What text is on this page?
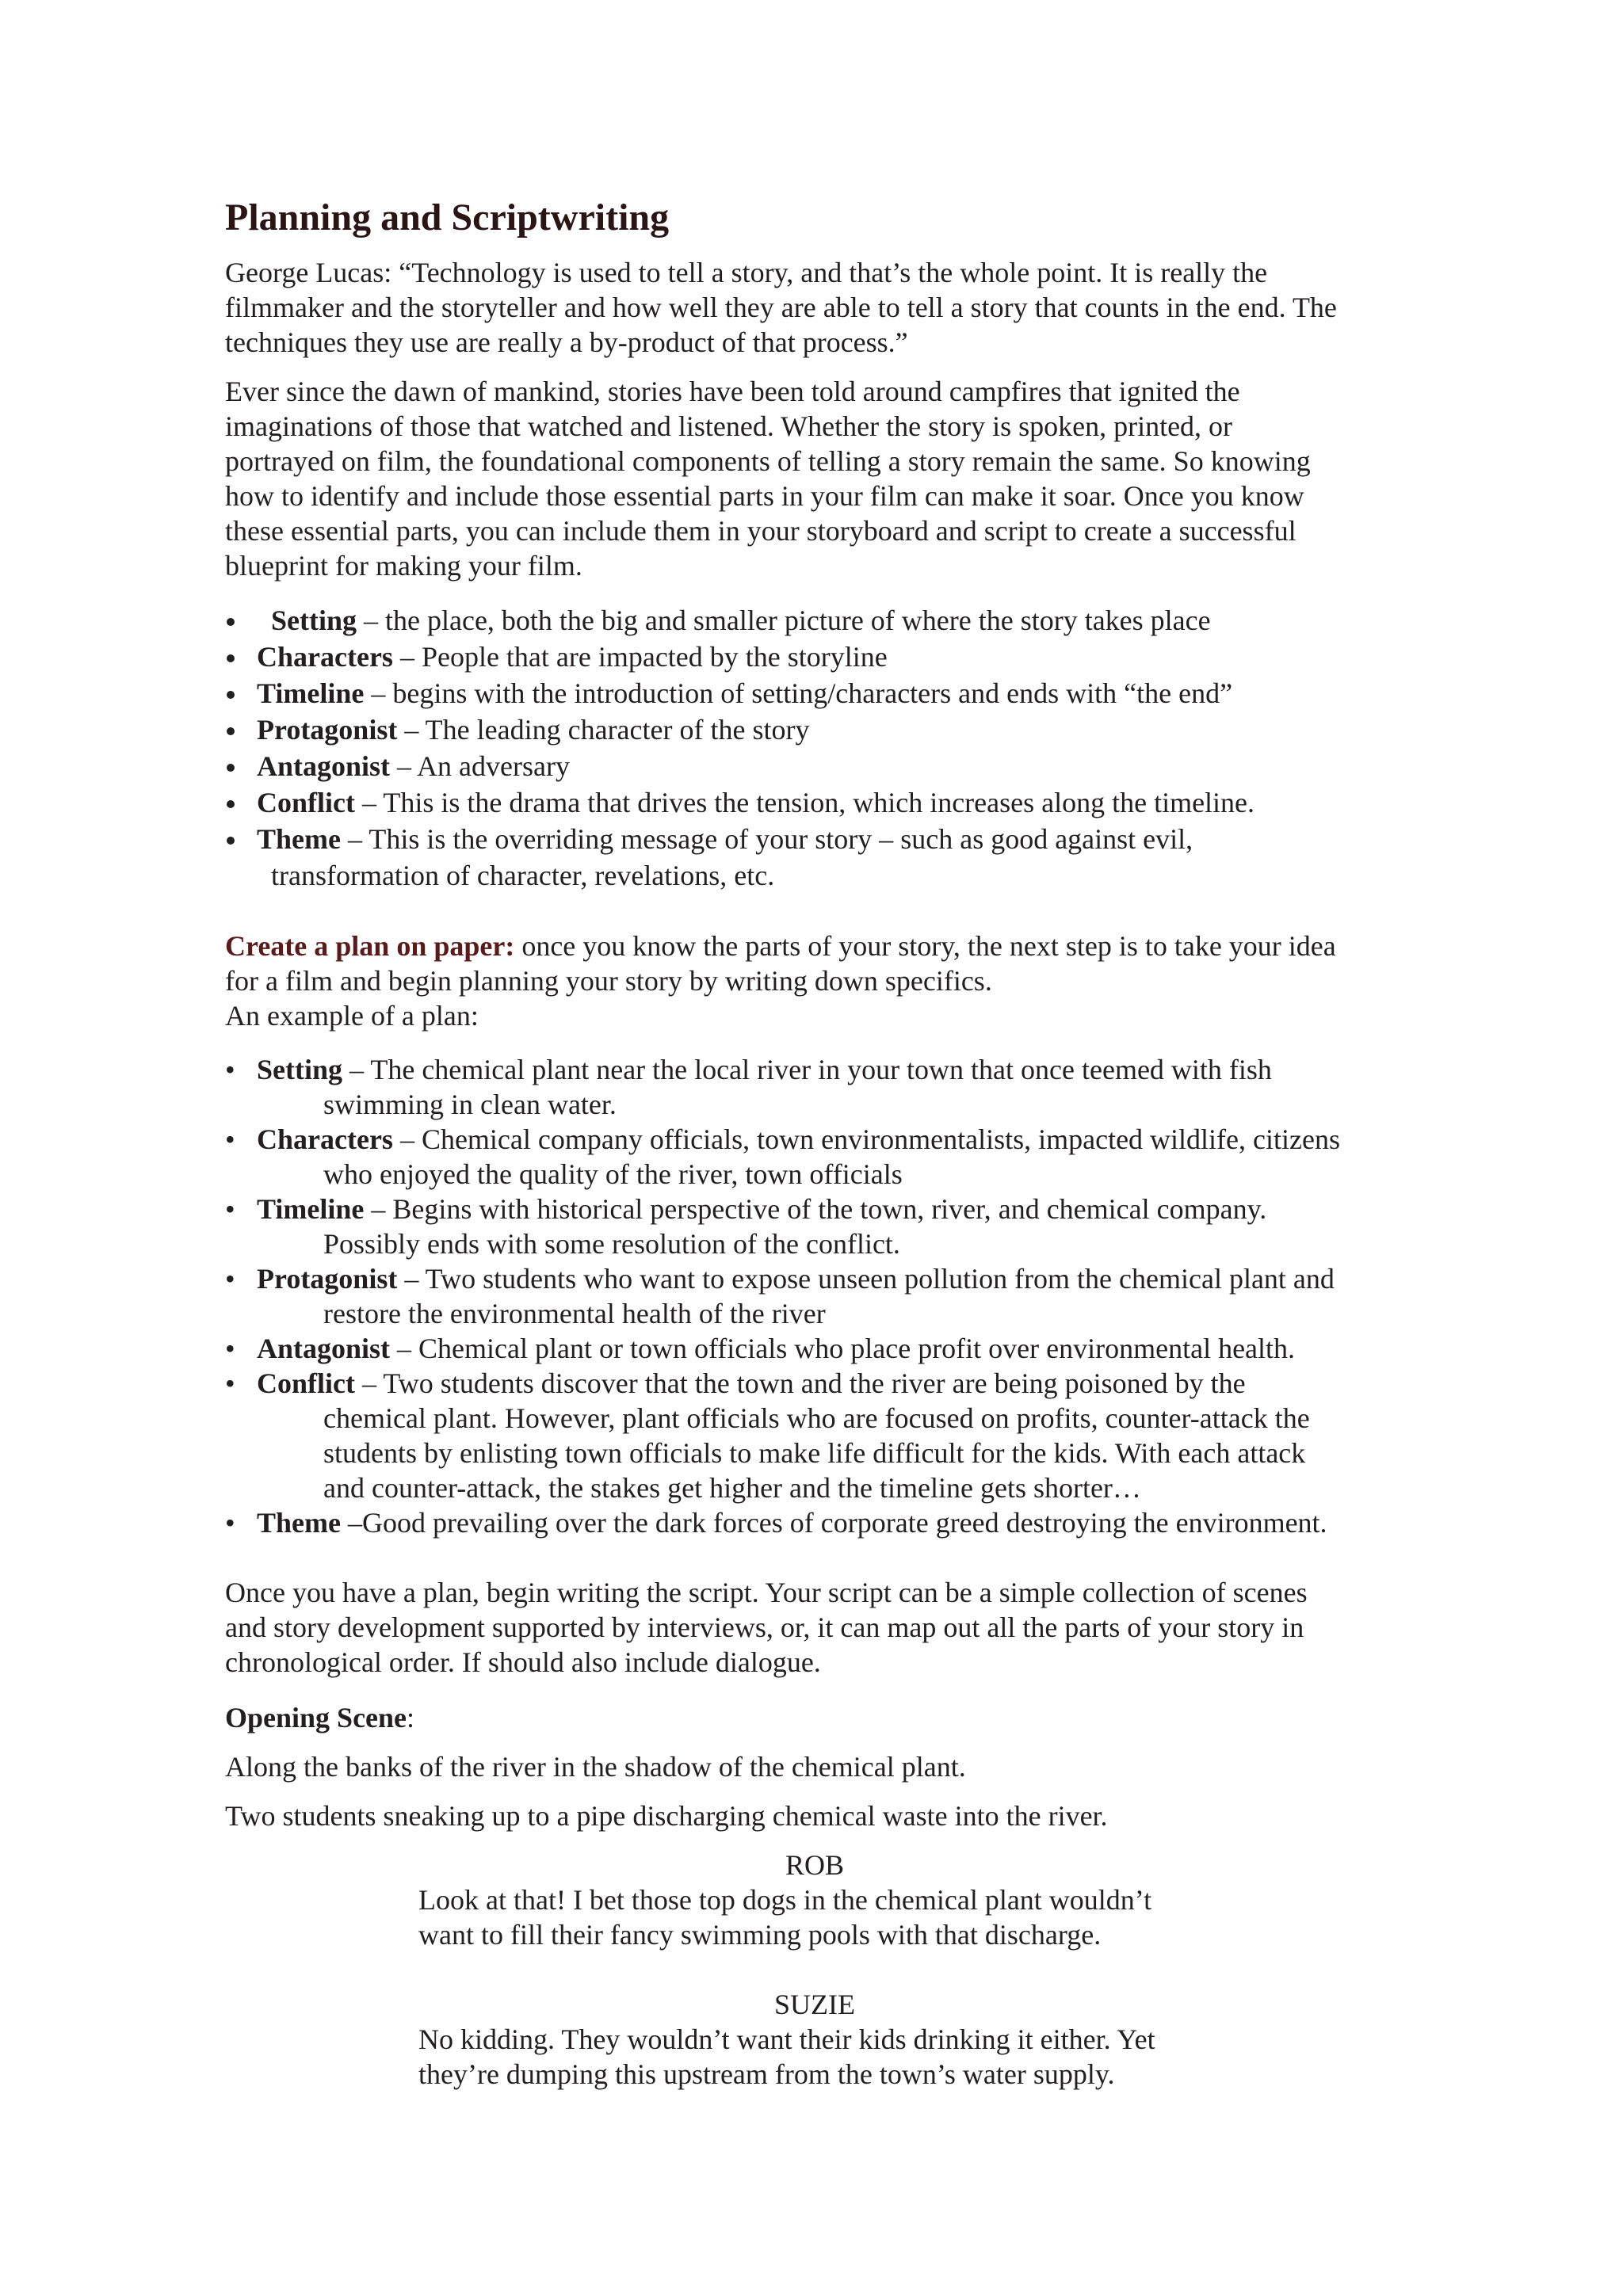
Planning and Scriptwriting

George Lucas: “Technology is used to tell a story, and that’s the whole point. It is really the
filmmaker and the storyteller and how well they are able to tell a story that counts in the end. The
techniques they use are really a by-product of that process.”

Ever since the dawn of mankind, stories have been told around campfires that ignited the
imaginations of those that watched and listened. Whether the story is spoken, printed, or
portrayed on film, the foundational components of telling a story remain the same. So knowing
how to identify and include those essential parts in your film can make it soar. Once you know
these essential parts, you can include them in your storyboard and script to create a successful
blueprint for making your film.

Setting – the place, both the big and smaller picture of where the story takes place
Characters – People that are impacted by the storyline
Timeline – begins with the introduction of setting/characters and ends with “the end”
Protagonist – The leading character of the story
Antagonist – An adversary
Conflict – This is the drama that drives the tension, which increases along the timeline.
Theme – This is the overriding message of your story – such as good against evil,
transformation of character, revelations, etc.

Create a plan on paper: once you know the parts of your story, the next step is to take your idea
for a film and begin planning your story by writing down specifics.
An example of a plan:

• Setting – The chemical plant near the local river in your town that once teemed with fish
swimming in clean water.
• Characters – Chemical company officials, town environmentalists, impacted wildlife, citizens
who enjoyed the quality of the river, town officials
• Timeline – Begins with historical perspective of the town, river, and chemical company.
Possibly ends with some resolution of the conflict.
• Protagonist – Two students who want to expose unseen pollution from the chemical plant and
restore the environmental health of the river
• Antagonist – Chemical plant or town officials who place profit over environmental health.
• Conflict – Two students discover that the town and the river are being poisoned by the
chemical plant. However, plant officials who are focused on profits, counter-attack the
students by enlisting town officials to make life difficult for the kids. With each attack
and counter-attack, the stakes get higher and the timeline gets shorter…
• Theme –Good prevailing over the dark forces of corporate greed destroying the environment.

Once you have a plan, begin writing the script. Your script can be a simple collection of scenes
and story development supported by interviews, or, it can map out all the parts of your story in
chronological order. If should also include dialogue.

Opening Scene:

Along the banks of the river in the shadow of the chemical plant.

Two students sneaking up to a pipe discharging chemical waste into the river.

ROB
Look at that! I bet those top dogs in the chemical plant wouldn’t
want to fill their fancy swimming pools with that discharge.
SUZIE
No kidding. They wouldn’t want their kids drinking it either. Yet
they’re dumping this upstream from the town’s water supply.
